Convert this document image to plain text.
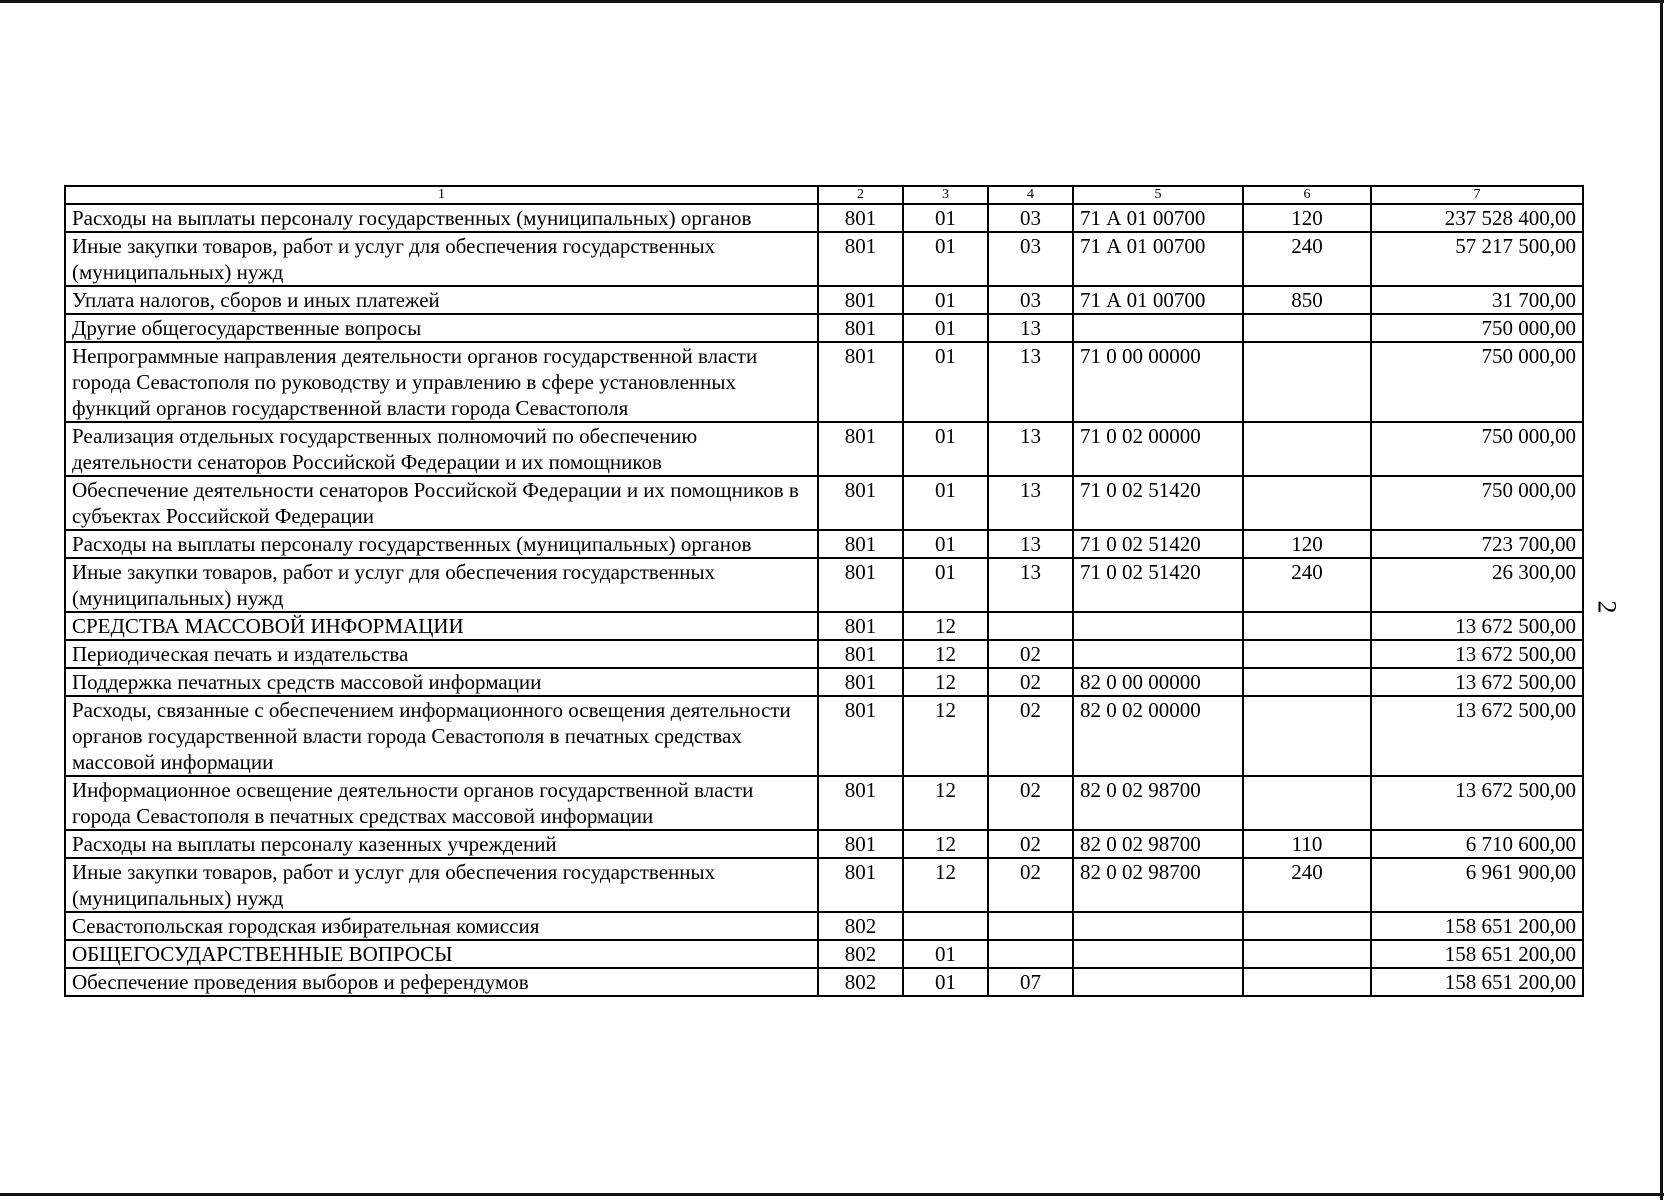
2
1	2	3	4	5	6	7
Расходы на выплаты персоналу государственных (муниципальных) органов	801	01	03	71 А 01 00700	120	237 528 400,00
Иные закупки товаров, работ и услуг для обеспечения государственных (муниципальных) нужд	801	01	03	71 А 01 00700	240	57 217 500,00
Уплата налогов, сборов и иных платежей	801	01	03	71 А 01 00700	850	31 700,00
Другие общегосударственные вопросы	801	01	13			750 000,00
Непрограммные направления деятельности органов государственной власти города Севастополя по руководству и управлению в сфере установленных функций органов государственной власти города Севастополя	801	01	13	71 0 00 00000		750 000,00
Реализация отдельных государственных полномочий по обеспечению деятельности сенаторов Российской Федерации и их помощников	801	01	13	71 0 02 00000		750 000,00
Обеспечение деятельности сенаторов Российской Федерации и их помощников в субъектах Российской Федерации	801	01	13	71 0 02 51420		750 000,00
Расходы на выплаты персоналу государственных (муниципальных) органов	801	01	13	71 0 02 51420	120	723 700,00
Иные закупки товаров, работ и услуг для обеспечения государственных (муниципальных) нужд	801	01	13	71 0 02 51420	240	26 300,00
СРЕДСТВА МАССОВОЙ ИНФОРМАЦИИ	801	12				13 672 500,00
Периодическая печать и издательства	801	12	02			13 672 500,00
Поддержка печатных средств массовой информации	801	12	02	82 0 00 00000		13 672 500,00
Расходы, связанные с обеспечением информационного освещения деятельности органов государственной власти города Севастополя в печатных средствах массовой информации	801	12	02	82 0 02 00000		13 672 500,00
Информационное освещение деятельности органов государственной власти города Севастополя в печатных средствах массовой информации	801	12	02	82 0 02 98700		13 672 500,00
Расходы на выплаты персоналу казенных учреждений	801	12	02	82 0 02 98700	110	6 710 600,00
Иные закупки товаров, работ и услуг для обеспечения государственных (муниципальных) нужд	801	12	02	82 0 02 98700	240	6 961 900,00
Севастопольская городская избирательная комиссия	802					158 651 200,00
ОБЩЕГОСУДАРСТВЕННЫЕ ВОПРОСЫ	802	01				158 651 200,00
Обеспечение проведения выборов и референдумов	802	01	07			158 651 200,00
